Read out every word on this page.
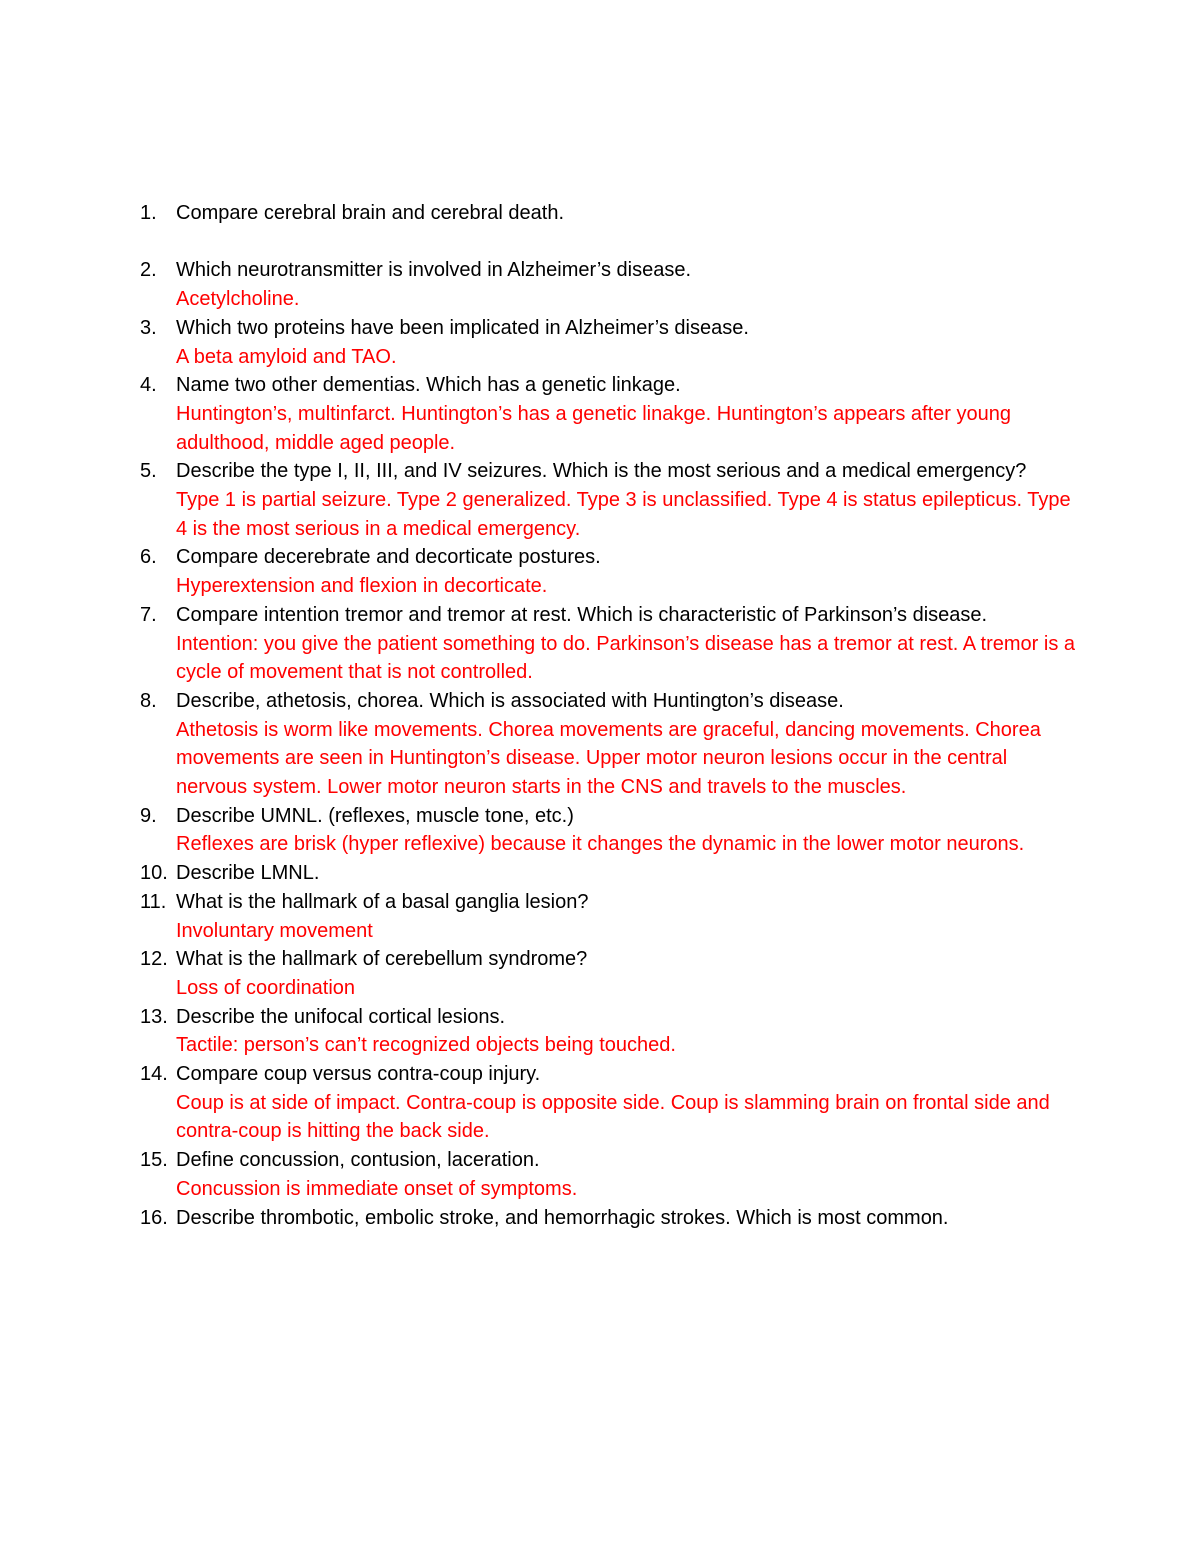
1. Compare cerebral brain and cerebral death.
2. Which neurotransmitter is involved in Alzheimer’s disease.
Acetylcholine.
3. Which two proteins have been implicated in Alzheimer’s disease.
A beta amyloid and TAO.
4. Name two other dementias. Which has a genetic linkage.
Huntington’s, multinfarct. Huntington’s has a genetic linakge. Huntington’s appears after young adulthood, middle aged people.
5. Describe the type I, II, III, and IV seizures. Which is the most serious and a medical emergency?
Type 1 is partial seizure. Type 2 generalized. Type 3 is unclassified. Type 4 is status epilepticus. Type 4 is the most serious in a medical emergency.
6. Compare decerebrate and decorticate postures.
Hyperextension and flexion in decorticate.
7. Compare intention tremor and tremor at rest. Which is characteristic of Parkinson’s disease.
Intention: you give the patient something to do. Parkinson’s disease has a tremor at rest. A tremor is a cycle of movement that is not controlled.
8. Describe, athetosis, chorea. Which is associated with Huntington’s disease.
Athetosis is worm like movements. Chorea movements are graceful, dancing movements. Chorea movements are seen in Huntington’s disease. Upper motor neuron lesions occur in the central nervous system. Lower motor neuron starts in the CNS and travels to the muscles.
9. Describe UMNL. (reflexes, muscle tone, etc.)
Reflexes are brisk (hyper reflexive) because it changes the dynamic in the lower motor neurons.
10. Describe LMNL.
11. What is the hallmark of a basal ganglia lesion?
Involuntary movement
12. What is the hallmark of cerebellum syndrome?
Loss of coordination
13. Describe the unifocal cortical lesions.
Tactile: person’s can’t recognized objects being touched.
14. Compare coup versus contra-coup injury.
Coup is at side of impact. Contra-coup is opposite side. Coup is slamming brain on frontal side and contra-coup is hitting the back side.
15. Define concussion, contusion, laceration.
Concussion is immediate onset of symptoms.
16. Describe thrombotic, embolic stroke, and hemorrhagic strokes. Which is most common.
